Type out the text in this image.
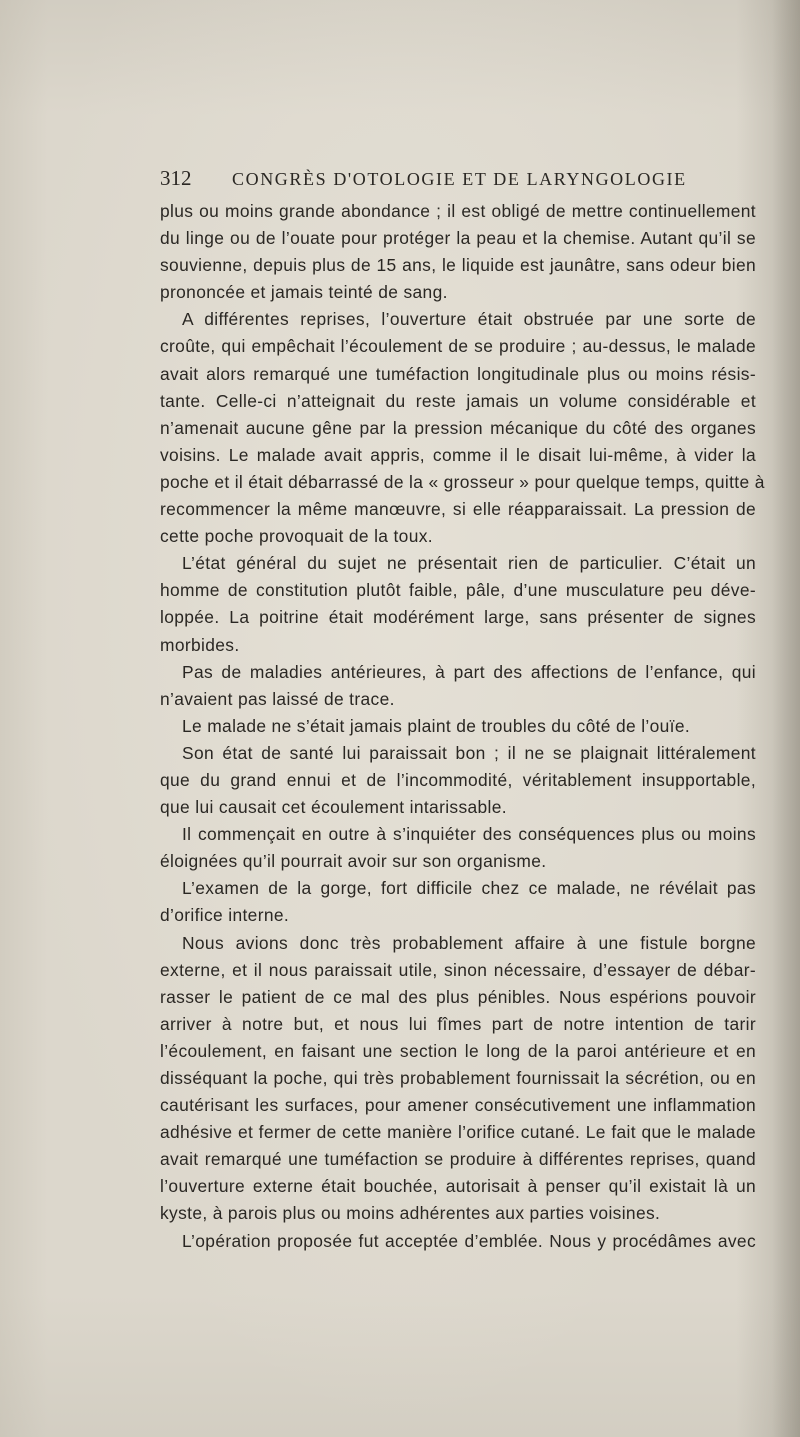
312 CONGRÈS D'OTOLOGIE ET DE LARYNGOLOGIE
plus ou moins grande abondance ; il est obligé de mettre continuellement
du linge ou de l’ouate pour protéger la peau et la chemise. Autant qu’il se
souvienne, depuis plus de 15 ans, le liquide est jaunâtre, sans odeur bien
prononcée et jamais teinté de sang.
A différentes reprises, l’ouverture était obstruée par une sorte de
croûte, qui empêchait l’écoulement de se produire ; au-dessus, le malade
avait alors remarqué une tuméfaction longitudinale plus ou moins résis-
tante. Celle-ci n’atteignait du reste jamais un volume considérable et
n’amenait aucune gêne par la pression mécanique du côté des organes
voisins. Le malade avait appris, comme il le disait lui-même, à vider la
poche et il était débarrassé de la « grosseur » pour quelque temps, quitte à
recommencer la même manœuvre, si elle réapparaissait. La pression de
cette poche provoquait de la toux.
L’état général du sujet ne présentait rien de particulier. C’était un
homme de constitution plutôt faible, pâle, d’une musculature peu déve-
loppée. La poitrine était modérément large, sans présenter de signes
morbides.
Pas de maladies antérieures, à part des affections de l’enfance, qui
n’avaient pas laissé de trace.
Le malade ne s’était jamais plaint de troubles du côté de l’ouïe.
Son état de santé lui paraissait bon ; il ne se plaignait littéralement
que du grand ennui et de l’incommodité, véritablement insupportable,
que lui causait cet écoulement intarissable.
Il commençait en outre à s’inquiéter des conséquences plus ou moins
éloignées qu’il pourrait avoir sur son organisme.
L’examen de la gorge, fort difficile chez ce malade, ne révélait pas
d’orifice interne.
Nous avions donc très probablement affaire à une fistule borgne
externe, et il nous paraissait utile, sinon nécessaire, d’essayer de débar-
rasser le patient de ce mal des plus pénibles. Nous espérions pouvoir
arriver à notre but, et nous lui fîmes part de notre intention de tarir
l’écoulement, en faisant une section le long de la paroi antérieure et en
disséquant la poche, qui très probablement fournissait la sécrétion, ou en
cautérisant les surfaces, pour amener consécutivement une inflammation
adhésive et fermer de cette manière l’orifice cutané. Le fait que le malade
avait remarqué une tuméfaction se produire à différentes reprises, quand
l’ouverture externe était bouchée, autorisait à penser qu’il existait là un
kyste, à parois plus ou moins adhérentes aux parties voisines.
L’opération proposée fut acceptée d’emblée. Nous y procédâmes avec
